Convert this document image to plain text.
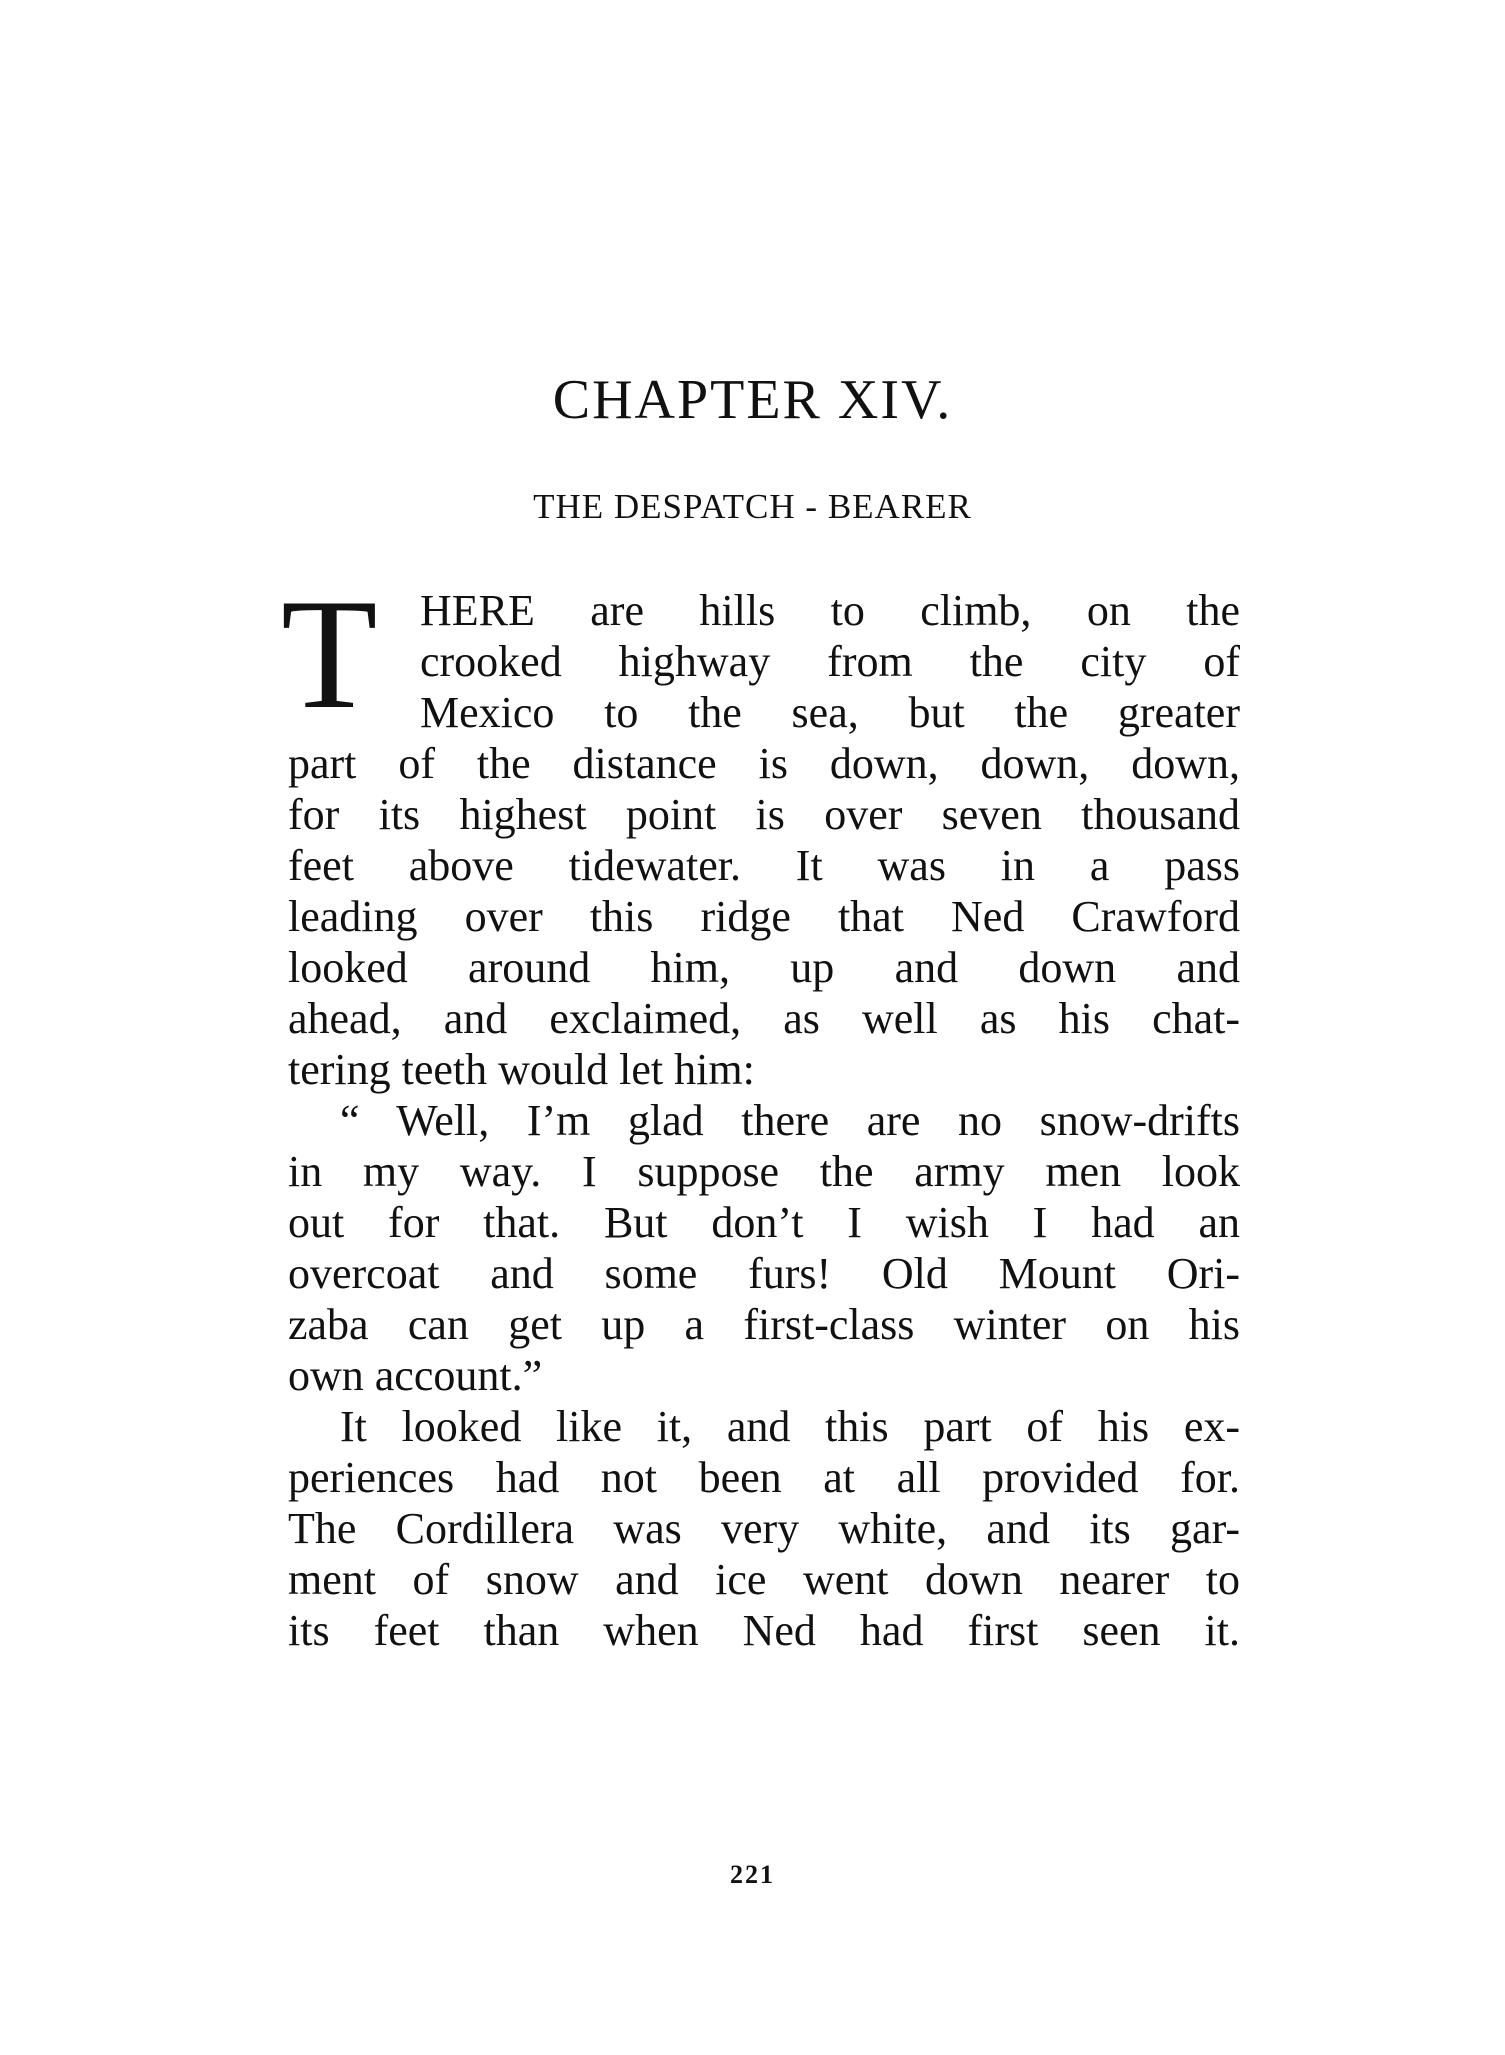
CHAPTER XIV.
THE DESPATCH - BEARER
T HERE are hills to climb, on the
crooked highway from the city of
Mexico to the sea, but the greater
part of the distance is down, down, down,
for its highest point is over seven thousand
feet above tidewater. It was in a pass
leading over this ridge that Ned Crawford
looked around him, up and down and
ahead, and exclaimed, as well as his chat-
tering teeth would let him:
“ Well, I’m glad there are no snow-drifts
in my way. I suppose the army men look
out for that. But don’t I wish I had an
overcoat and some furs! Old Mount Ori-
zaba can get up a first-class winter on his
own account.”
It looked like it, and this part of his ex-
periences had not been at all provided for.
The Cordillera was very white, and its gar-
ment of snow and ice went down nearer to
its feet than when Ned had first seen it.
221
